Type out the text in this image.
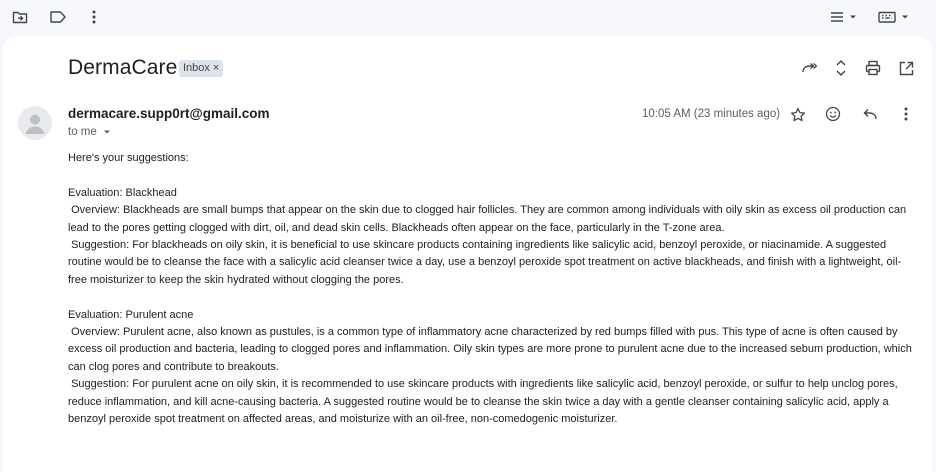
DermaCare Inbox ×
dermacare.supp0rt@gmail.com
to me
10:05 AM (23 minutes ago)

Here's your suggestions:

Evaluation: Blackhead

Overview: Blackheads are small bumps that appear on the skin due to clogged hair follicles. They are common among individuals with oily skin as excess oil production can lead to the pores getting clogged with dirt, oil, and dead skin cells. Blackheads often appear on the face, particularly in the T-zone area.

Suggestion: For blackheads on oily skin, it is beneficial to use skincare products containing ingredients like salicylic acid, benzoyl peroxide, or niacinamide. A suggested routine would be to cleanse the face with a salicylic acid cleanser twice a day, use a benzoyl peroxide spot treatment on active blackheads, and finish with a lightweight, oil-free moisturizer to keep the skin hydrated without clogging the pores.

Evaluation: Purulent acne

Overview: Purulent acne, also known as pustules, is a common type of inflammatory acne characterized by red bumps filled with pus. This type of acne is often caused by excess oil production and bacteria, leading to clogged pores and inflammation. Oily skin types are more prone to purulent acne due to the increased sebum production, which can clog pores and contribute to breakouts.

Suggestion: For purulent acne on oily skin, it is recommended to use skincare products with ingredients like salicylic acid, benzoyl peroxide, or sulfur to help unclog pores, reduce inflammation, and kill acne-causing bacteria. A suggested routine would be to cleanse the skin twice a day with a gentle cleanser containing salicylic acid, apply a benzoyl peroxide spot treatment on affected areas, and moisturize with an oil-free, non-comedogenic moisturizer.
